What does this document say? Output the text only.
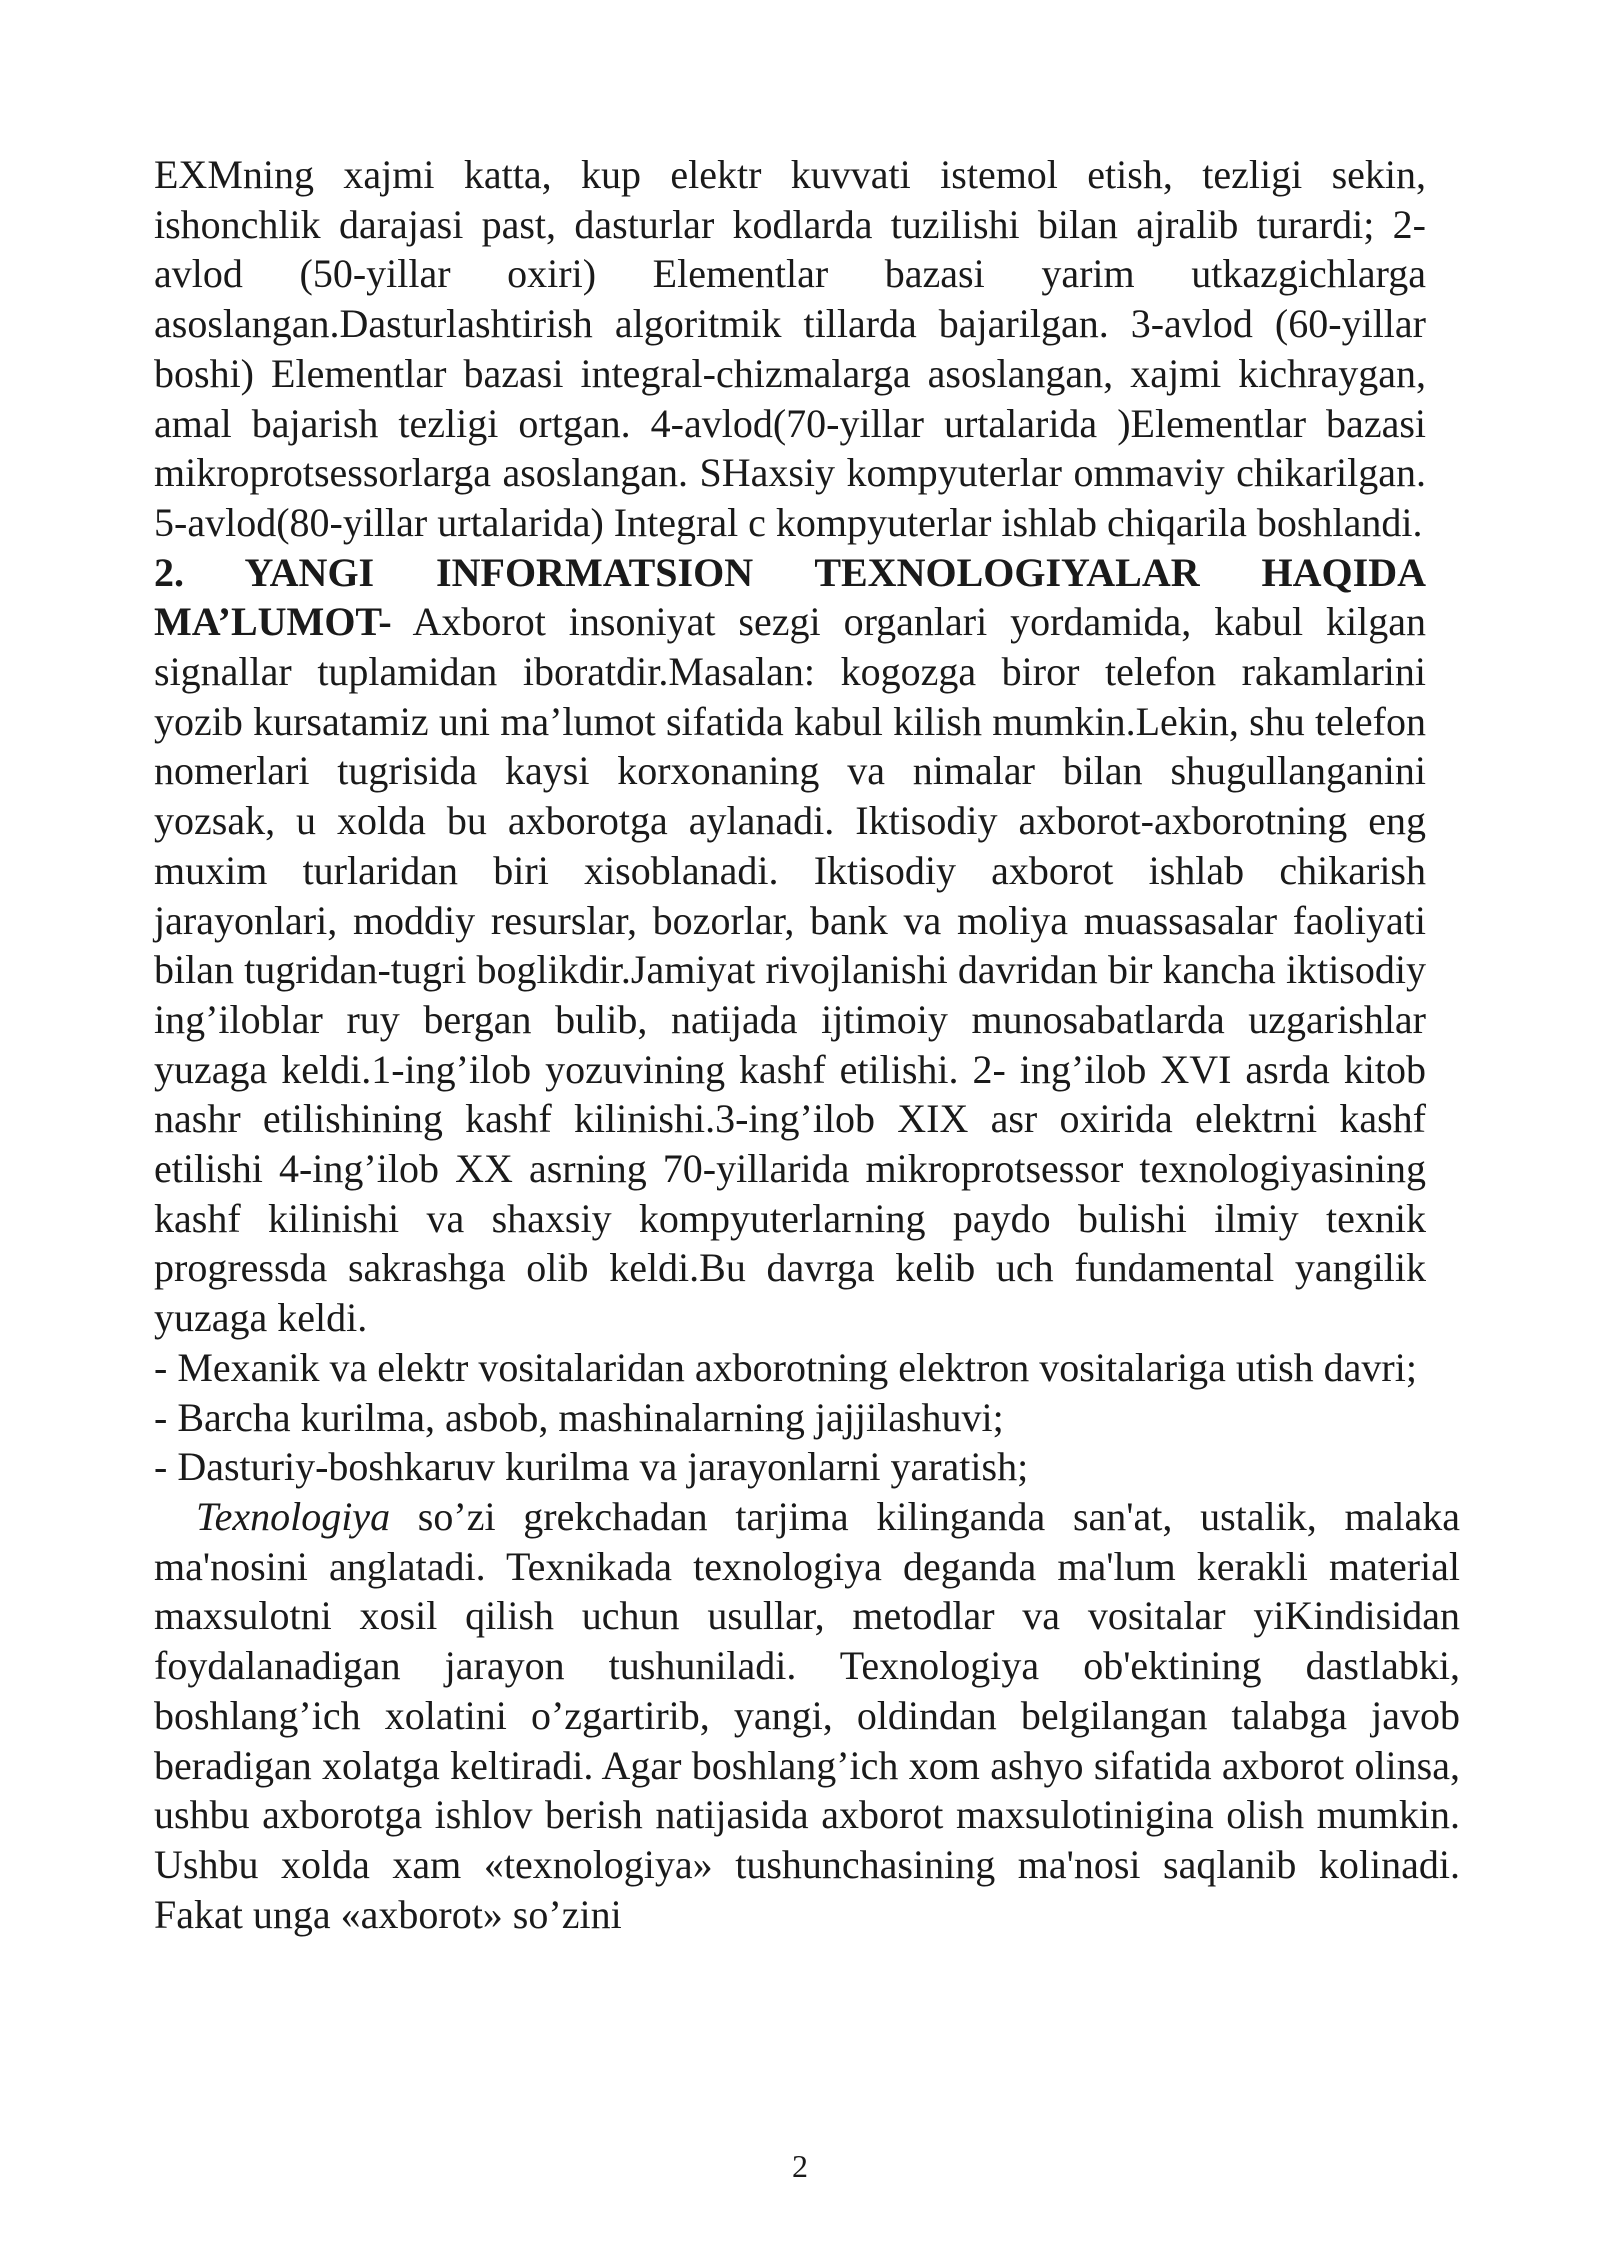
EXMning xajmi katta, kup elektr kuvvati istemol etish, tezligi sekin, ishonchlik darajasi past, dasturlar kodlarda tuzilishi bilan ajralib turardi; 2-avlod (50-yillar oxiri) Elementlar bazasi yarim utkazgichlarga asoslangan.Dasturlashtirish algoritmik tillarda bajarilgan. 3-avlod (60-yillar boshi) Elementlar bazasi integral-chizmalarga asoslangan, xajmi kichraygan, amal bajarish tezligi ortgan. 4-avlod(70-yillar urtalarida )Elementlar bazasi mikroprotsessorlarga asoslangan. SHaxsiy kompyuterlar ommaviy chikarilgan. 5-avlod(80-yillar urtalarida) Integral c kompyuterlar ishlab chiqarila boshlandi.

2. YANGI INFORMATSION TEXNOLOGIYALAR HAQIDA MA’LUMOT- Axborot insoniyat sezgi organlari yordamida, kabul kilgan signallar tuplamidan iboratdir.Masalan: kogozga biror telefon rakamlarini yozib kursatamiz uni ma’lumot sifatida kabul kilish mumkin.Lekin, shu telefon nomerlari tugrisida kaysi korxonaning va nimalar bilan shugullanganini yozsak, u xolda bu axborotga aylanadi. Iktisodiy axborot-axborotning eng muxim turlaridan biri xisoblanadi. Iktisodiy axborot ishlab chikarish jarayonlari, moddiy resurslar, bozorlar, bank va moliya muassasalar faoliyati bilan tugridan-tugri boglikdir.Jamiyat rivojlanishi davridan bir kancha iktisodiy ing’iloblar ruy bergan bulib, natijada ijtimoiy munosabatlarda uzgarishlar yuzaga keldi.1-ing’ilob yozuvining kashf etilishi. 2- ing’ilob XVI asrda kitob nashr etilishining kashf kilinishi.3-ing’ilob XIX asr oxirida elektrni kashf etilishi 4-ing’ilob XX asrning 70-yillarida mikroprotsessor texnologiyasining kashf kilinishi va shaxsiy kompyuterlarning paydo bulishi ilmiy texnik progressda sakrashga olib keldi.Bu davrga kelib uch fundamental yangilik yuzaga keldi.

- Mexanik va elektr vositalaridan axborotning elektron vositalariga utish davri;

- Barcha kurilma, asbob, mashinalarning jajjilashuvi;

- Dasturiy-boshkaruv kurilma va jarayonlarni yaratish;

Texnologiya so’zi grekchadan tarjima kilinganda san'at, ustalik, malaka ma'nosini anglatadi. Texnikada texnologiya deganda ma'lum kerakli material maxsulotni xosil qilish uchun usullar, metodlar va vositalar yiKindisidan foydalanadigan jarayon tushuniladi. Texnologiya ob'ektining dastlabki, boshlang’ich xolatini o’zgartirib, yangi, oldindan belgilangan talabga javob beradigan xolatga keltiradi. Agar boshlang’ich xom ashyo sifatida axborot olinsa, ushbu axborotga ishlov berish natijasida axborot maxsulotinigina olish mumkin. Ushbu xolda xam «texnologiya» tushunchasining ma'nosi saqlanib kolinadi. Fakat unga «axborot» so’zini

2
